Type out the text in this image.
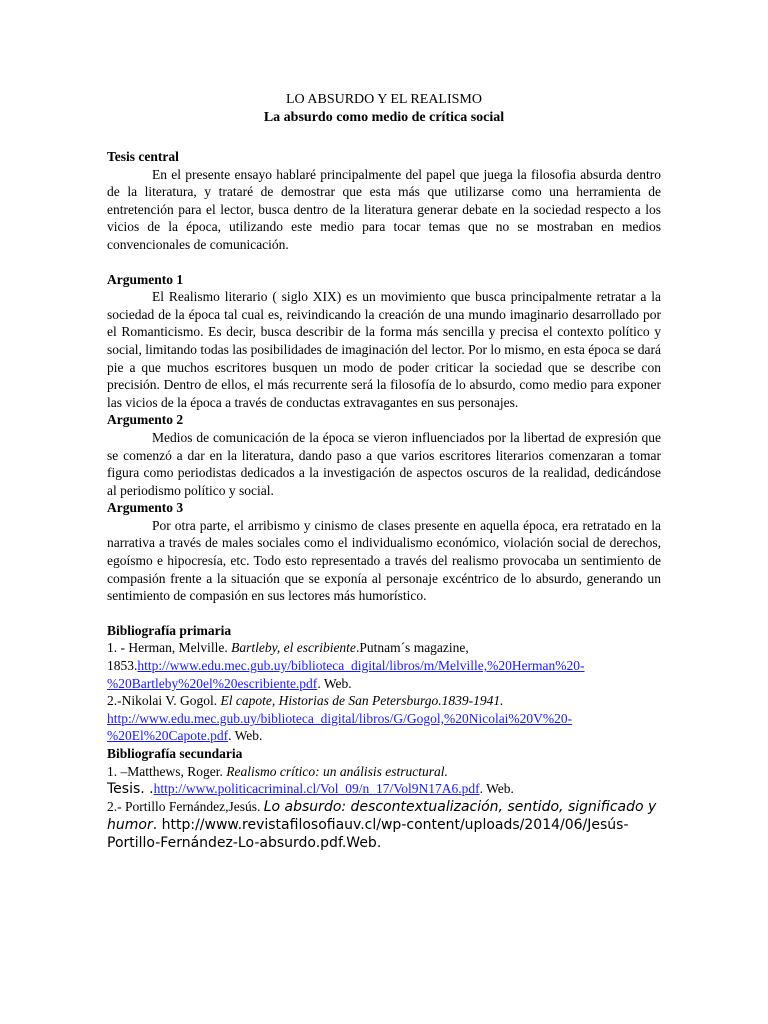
LO ABSURDO Y EL REALISMO

La absurdo como medio de crítica social

Tesis central

En el presente ensayo hablaré principalmente del papel que juega la filosofia absurda dentro de la literatura, y trataré de demostrar que esta más que utilizarse como una herramienta de entretención para el lector, busca dentro de la literatura generar debate en la sociedad respecto a los vicios de la época, utilizando este medio para tocar temas que no se mostraban en medios convencionales de comunicación.

Argumento 1

El Realismo literario ( siglo XIX) es un movimiento que busca principalmente retratar a la sociedad de la época tal cual es, reivindicando la creación de una mundo imaginario desarrollado por el Romanticismo. Es decir, busca describir de la forma más sencilla y precisa el contexto político y social, limitando todas las posibilidades de imaginación del lector. Por lo mismo, en esta época se dará pie a que muchos escritores busquen un modo de poder criticar la sociedad que se describe con precisión. Dentro de ellos, el más recurrente será la filosofía de lo absurdo, como medio para exponer las vicios de la época a través de conductas extravagantes en sus personajes.

Argumento 2

Medios de comunicación de la época se vieron influenciados por la libertad de expresión que se comenzó a dar en la literatura, dando paso a que varios escritores literarios comenzaran a tomar figura como periodistas dedicados a la investigación de aspectos oscuros de la realidad, dedicándose al periodismo político y social.

Argumento 3

Por otra parte, el arribismo y cinismo de clases presente en aquella época, era retratado en la narrativa a través de males sociales como el individualismo económico, violación social de derechos, egoísmo e hipocresía, etc. Todo esto representado a través del realismo provocaba un sentimiento de compasión frente a la situación que se exponía al personaje excéntrico de lo absurdo, generando un sentimiento de compasión en sus lectores más humorístico.

Bibliografía primaria

1. - Herman, Melville. Bartleby, el escribiente.Putnam´s magazine,

1853.http://www.edu.mec.gub.uy/biblioteca_digital/libros/m/Melville,%20Herman%20-%20Bartleby%20el%20escribiente.pdf. Web.

2.-Nikolai V. Gogol. El capote, Historias de San Petersburgo.1839-1941.

http://www.edu.mec.gub.uy/biblioteca_digital/libros/G/Gogol,%20Nicolai%20V%20-%20El%20Capote.pdf. Web.

Bibliografía secundaria

1. –Matthews, Roger. Realismo crítico: un análisis estructural.

Tesis. .http://www.politicacriminal.cl/Vol_09/n_17/Vol9N17A6.pdf. Web.

2.- Portillo Fernández,Jesús. Lo absurdo: descontextualización, sentido, significado y humor. http://www.revistafilosofiauv.cl/wp-content/uploads/2014/06/Jesús-Portillo-Fernández-Lo-absurdo.pdf.Web.
